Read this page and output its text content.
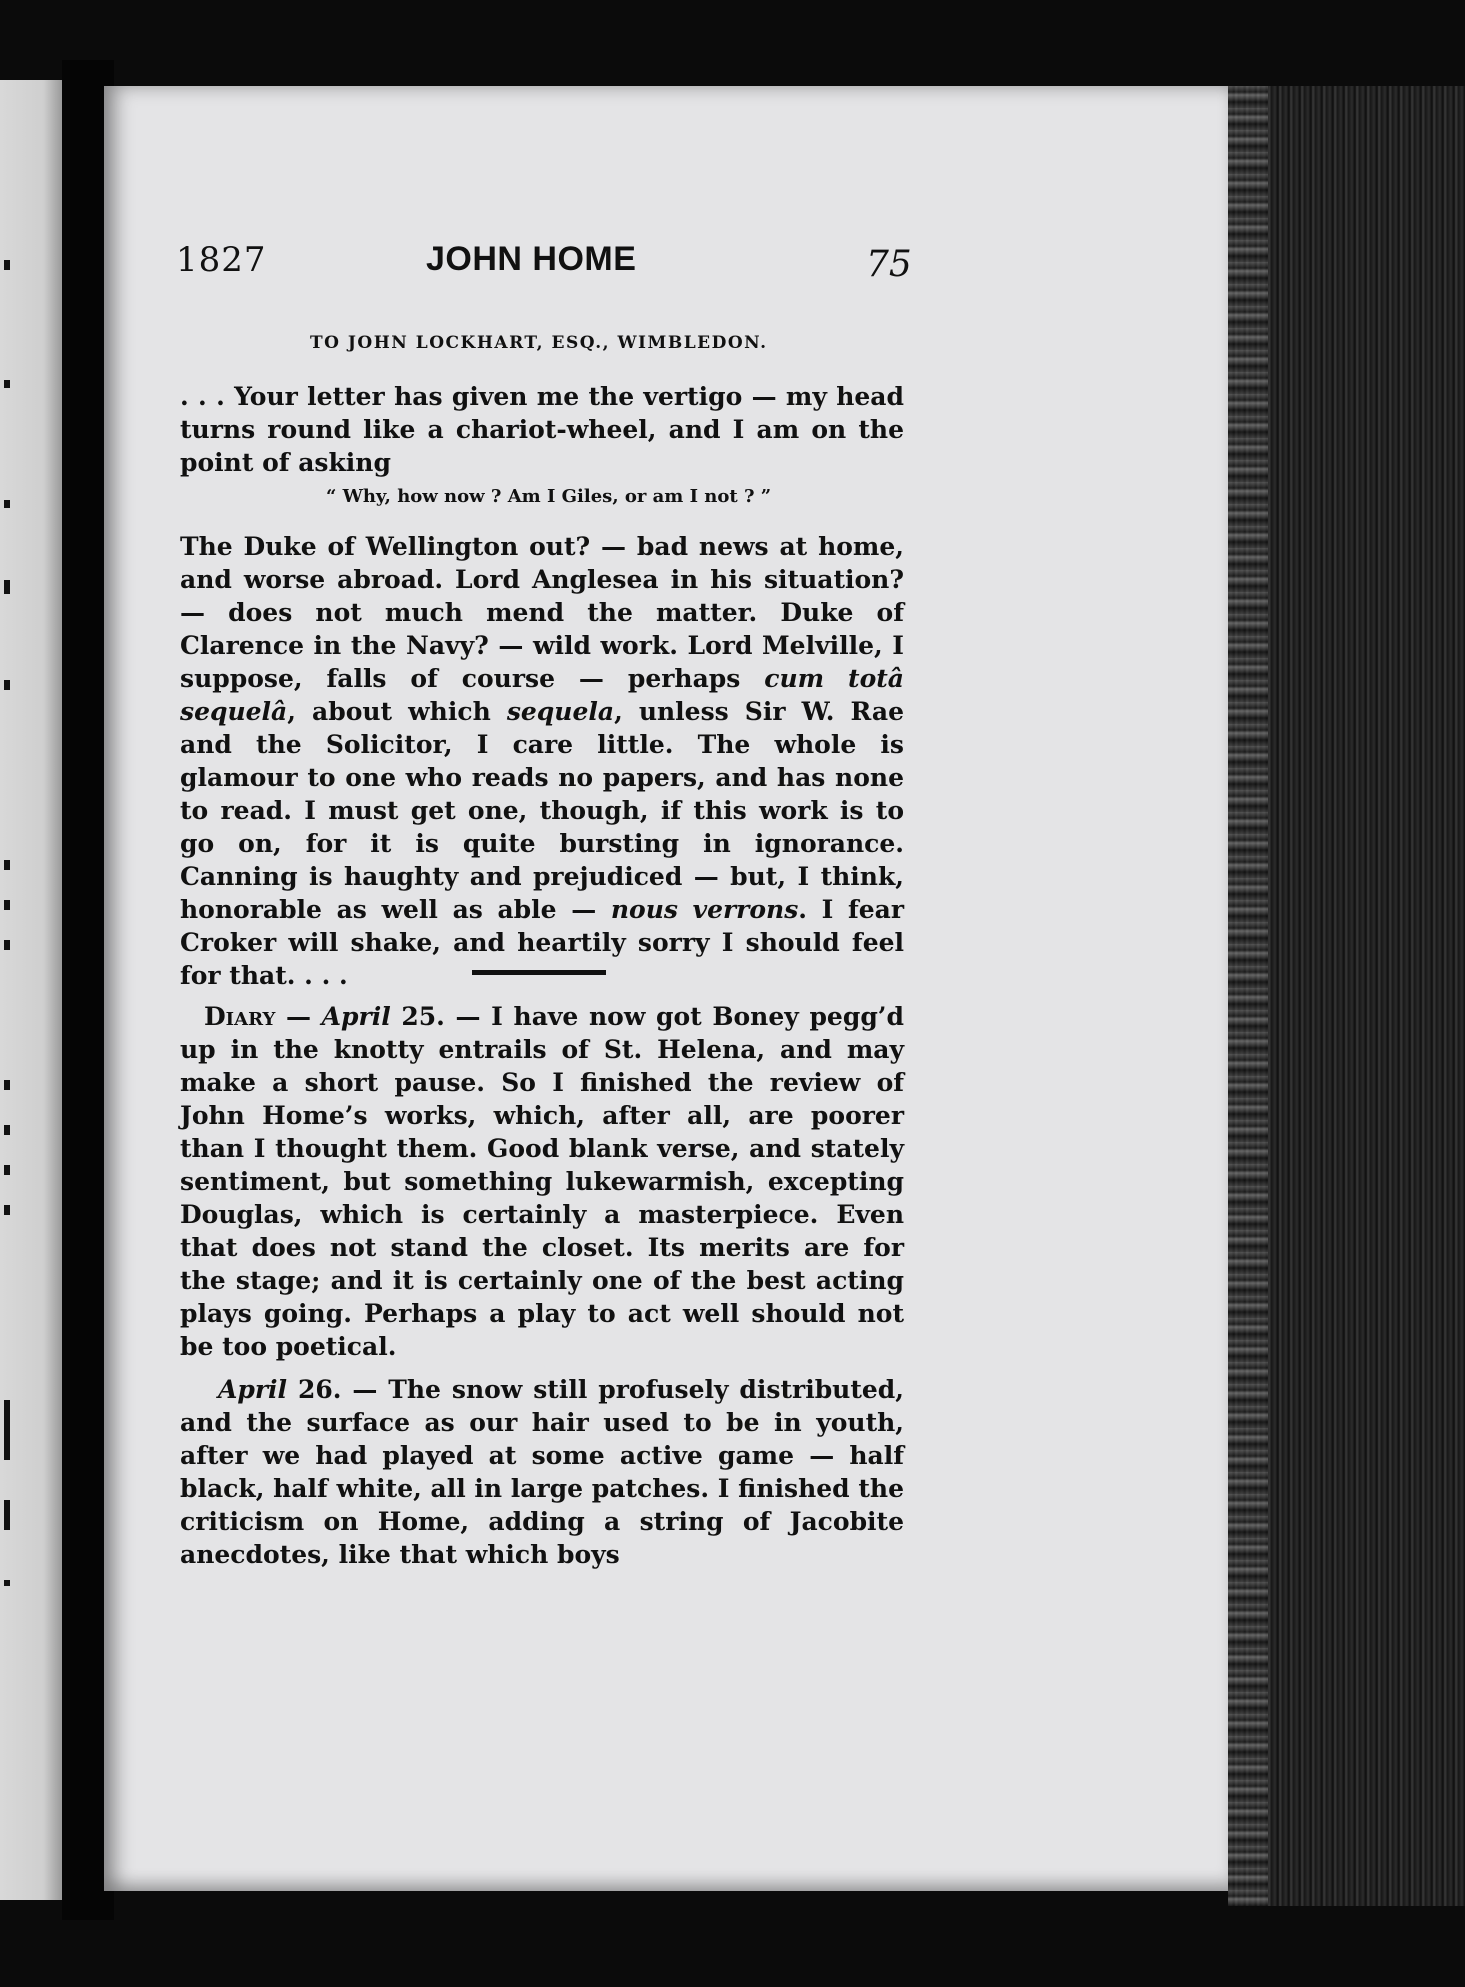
1827	JOHN HOME	75
TO JOHN LOCKHART, ESQ., WIMBLEDON.
. . . Your letter has given me the vertigo — my head turns round like a chariot-wheel, and I am on the point of asking
“ Why, how now ? Am I Giles, or am I not ? ”
The Duke of Wellington out? — bad news at home, and worse abroad. Lord Anglesea in his situation? — does not much mend the matter. Duke of Clarence in the Navy? — wild work. Lord Melville, I suppose, falls of course — perhaps cum totâ sequelâ, about which sequela, unless Sir W. Rae and the Solicitor, I care little. The whole is glamour to one who reads no papers, and has none to read. I must get one, though, if this work is to go on, for it is quite bursting in ignorance. Canning is haughty and prejudiced — but, I think, honorable as well as able — nous verrons. I fear Croker will shake, and heartily sorry I should feel for that. . . .
Diary — April 25. — I have now got Boney pegg’d up in the knotty entrails of St. Helena, and may make a short pause. So I finished the review of John Home’s works, which, after all, are poorer than I thought them. Good blank verse, and stately sentiment, but something lukewarmish, excepting Douglas, which is certainly a masterpiece. Even that does not stand the closet. Its merits are for the stage; and it is certainly one of the best acting plays going. Perhaps a play to act well should not be too poetical.
April 26. — The snow still profusely distributed, and the surface as our hair used to be in youth, after we had played at some active game — half black, half white, all in large patches. I finished the criticism on Home, adding a string of Jacobite anecdotes, like that which boys
